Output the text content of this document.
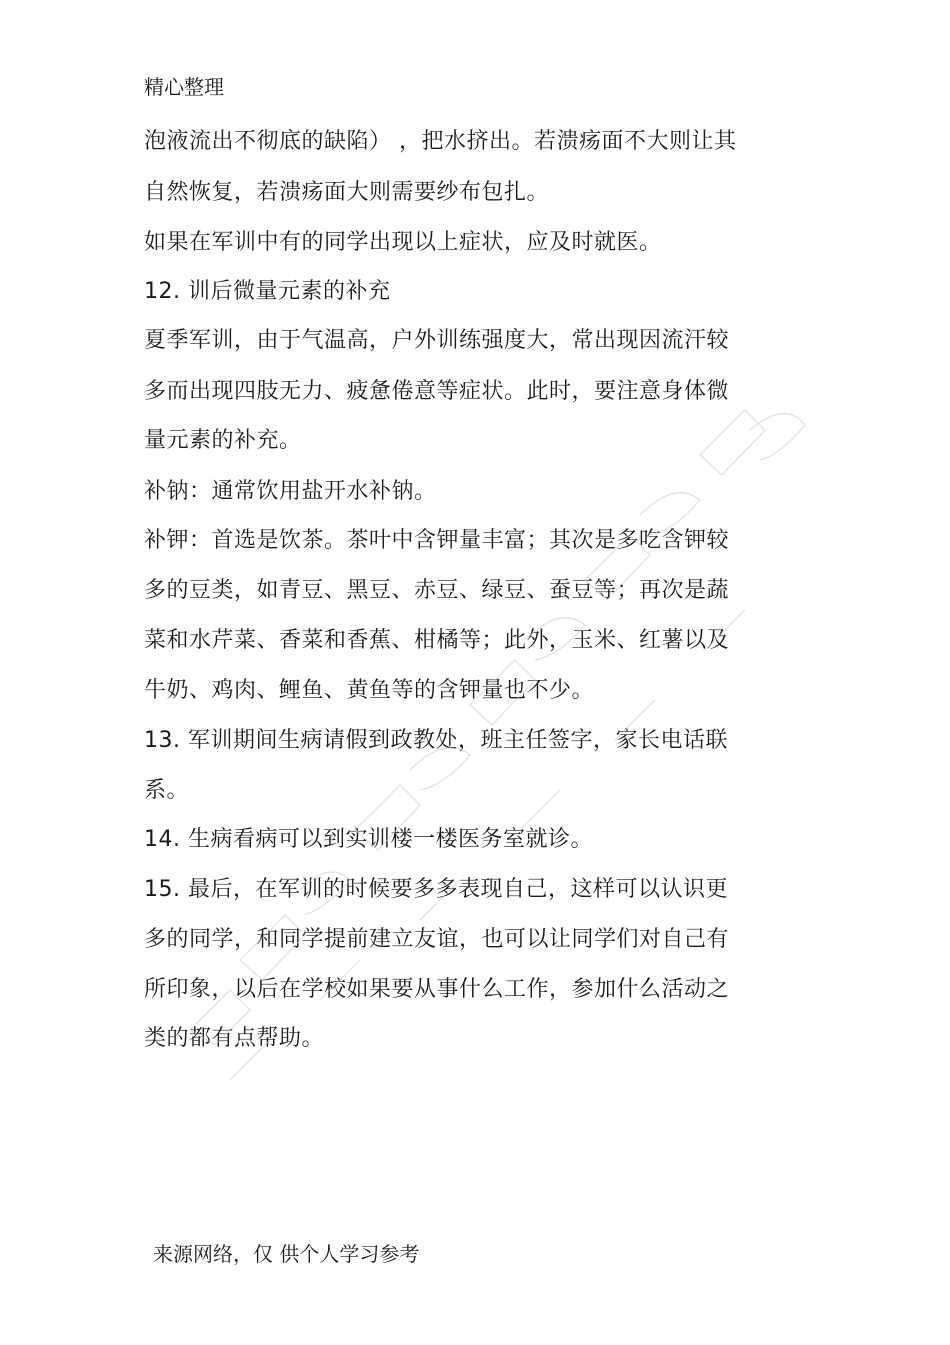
精心整理
泡液流出不彻底的缺陷） ，把水挤出。若溃疡面不大则让其
自然恢复，若溃疡面大则需要纱布包扎。
如果在军训中有的同学出现以上症状，应及时就医。
12. 训后微量元素的补充
夏季军训，由于气温高，户外训练强度大，常出现因流汗较
多而出现四肢无力、疲惫倦意等症状。此时，要注意身体微
量元素的补充。
补钠：通常饮用盐开水补钠。
补钾：首选是饮茶。茶叶中含钾量丰富；其次是多吃含钾较
多的豆类，如青豆、黑豆、赤豆、绿豆、蚕豆等；再次是蔬
菜和水芹菜、香菜和香蕉、柑橘等；此外，玉米、红薯以及
牛奶、鸡肉、鲤鱼、黄鱼等的含钾量也不少。
13. 军训期间生病请假到政教处，班主任签字，家长电话联
系。
14. 生病看病可以到实训楼一楼医务室就诊。
15. 最后，在军训的时候要多多表现自己，这样可以认识更
多的同学，和同学提前建立友谊，也可以让同学们对自己有
所印象，以后在学校如果要从事什么工作，参加什么活动之
类的都有点帮助。
来源网络，仅 供个人学习参考
